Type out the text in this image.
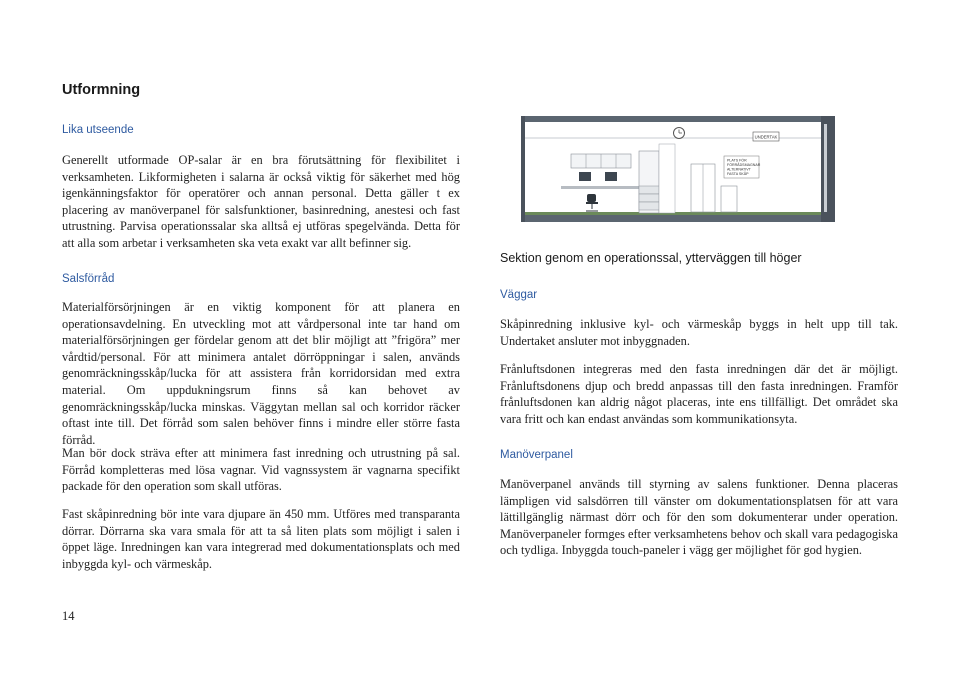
Utformning
Lika utseende

Generellt utformade OP-salar är en bra förutsättning för flexibilitet i verksamheten. Likformigheten i salarna är också viktig för säkerhet med hög igenkänningsfaktor för operatörer och annan personal. Detta gäller t ex placering av manöverpanel för salsfunktioner, basinredning, anestesi och fast utrustning. Parvisa operationssalar ska alltså ej utföras spegelvända. Detta för att alla som arbetar i verksamheten ska veta exakt var allt befinner sig.

Salsförråd

Materialförsörjningen är en viktig komponent för att planera en operationsavdelning. En utveckling mot att vårdpersonal inte tar hand om materialförsörjningen ger fördelar genom att det blir möjligt att ”frigöra” mer vårdtid/personal. För att minimera antalet dörröppningar i salen, används genomräckningsskåp/lucka för att assistera från korridorsidan med extra material. Om uppdukningsrum finns så kan behovet av genomräckningsskåp/lucka minskas. Väggytan mellan sal och korridor räcker oftast inte till. Det förråd som salen behöver finns i mindre eller större fasta förråd.

Man bör dock sträva efter att minimera fast inredning och utrustning på sal. Förråd kompletteras med lösa vagnar. Vid vagnssystem är vagnarna specifikt packade för den operation som skall utföras.

Fast skåpinredning bör inte vara djupare än 450 mm. Utföres med transparanta dörrar. Dörrarna ska vara smala för att ta så liten plats som möjligt i salen i öppet läge. Inredningen kan vara integrerad med dokumentationsplats och med inbyggda kyl- och värmeskåp.

UNDERTAK
PLATS FÖR FÖRRÅDSMAGNAR ALTERNATIVT FASTA SKÅP
Sektion genom en operationssal, ytterväggen till höger
Väggar

Skåpinredning inklusive kyl- och värmeskåp byggs in helt upp till tak. Undertaket ansluter mot inbyggnaden.

Frånluftsdonen integreras med den fasta inredningen där det är möjligt. Frånluftsdonens djup och bredd anpassas till den fasta inredningen. Framför frånluftsdonen kan aldrig något placeras, inte ens tillfälligt. Det området ska vara fritt och kan endast användas som kommunikationsyta.

Manöverpanel

Manöverpanel används till styrning av salens funktioner. Denna placeras lämpligen vid salsdörren till vänster om dokumentationsplatsen för att vara lättillgänglig närmast dörr och för den som dokumenterar under operation. Manöverpaneler formges efter verksamhetens behov och skall vara pedagogiska och tydliga. Inbyggda touch-paneler i vägg ger möjlighet för god hygien.

14
